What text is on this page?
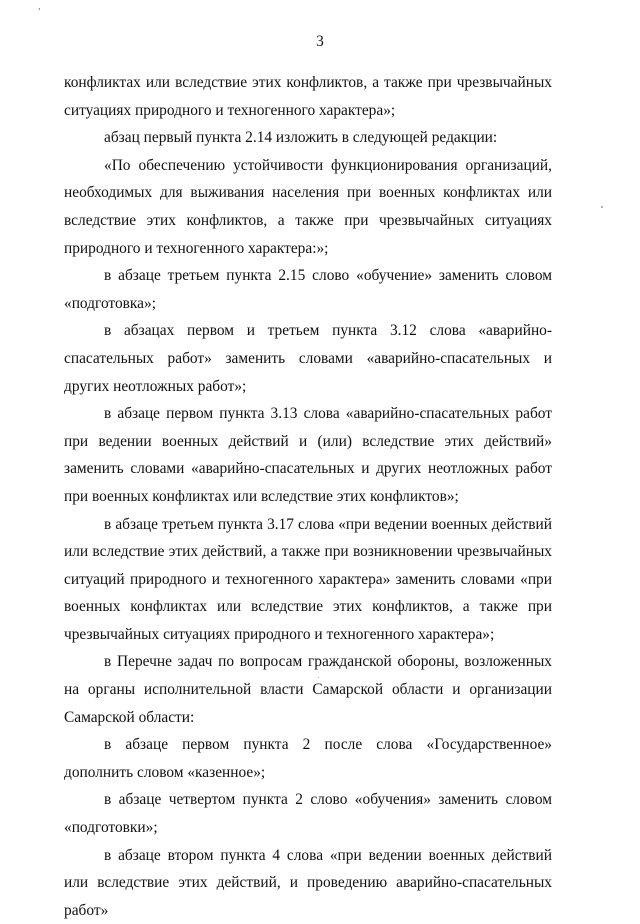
,
3

конфликтах или вследствие этих конфликтов, а также при чрезвычайных ситуациях природного и техногенного характера»;

абзац первый пункта 2.14 изложить в следующей редакции:

«По обеспечению устойчивости функционирования организаций, необходимых для выживания населения при военных конфликтах или вследствие этих конфликтов, а также при чрезвычайных ситуациях природного и техногенного характера:»;

в абзаце третьем пункта 2.15 слово «обучение» заменить словом «подготовка»;

в абзацах первом и третьем пункта 3.12 слова «аварийно-спасательных работ» заменить словами «аварийно-спасательных и других неотложных работ»;

в абзаце первом пункта 3.13 слова «аварийно-спасательных работ при ведении военных действий и (или) вследствие этих действий» заменить словами «аварийно-спасательных и других неотложных работ при военных конфликтах или вследствие этих конфликтов»;

в абзаце третьем пункта 3.17 слова «при ведении военных действий или вследствие этих действий, а также при возникновении чрезвычайных ситуаций природного и техногенного характера» заменить словами «при военных конфликтах или вследствие этих конфликтов, а также при чрезвычайных ситуациях природного и техногенного характера»;

в Перечне задач по вопросам гражданской обороны, возложенных на органы исполнительной власти Самарской области и организации Самарской области:

в абзаце первом пункта 2 после слова «Государственное» дополнить словом «казенное»;

в абзаце четвертом пункта 2 слово «обучения» заменить словом «подготовки»;

в абзаце втором пункта 4 слова «при ведении военных действий или вследствие этих действий, и проведению аварийно-спасательных работ»
